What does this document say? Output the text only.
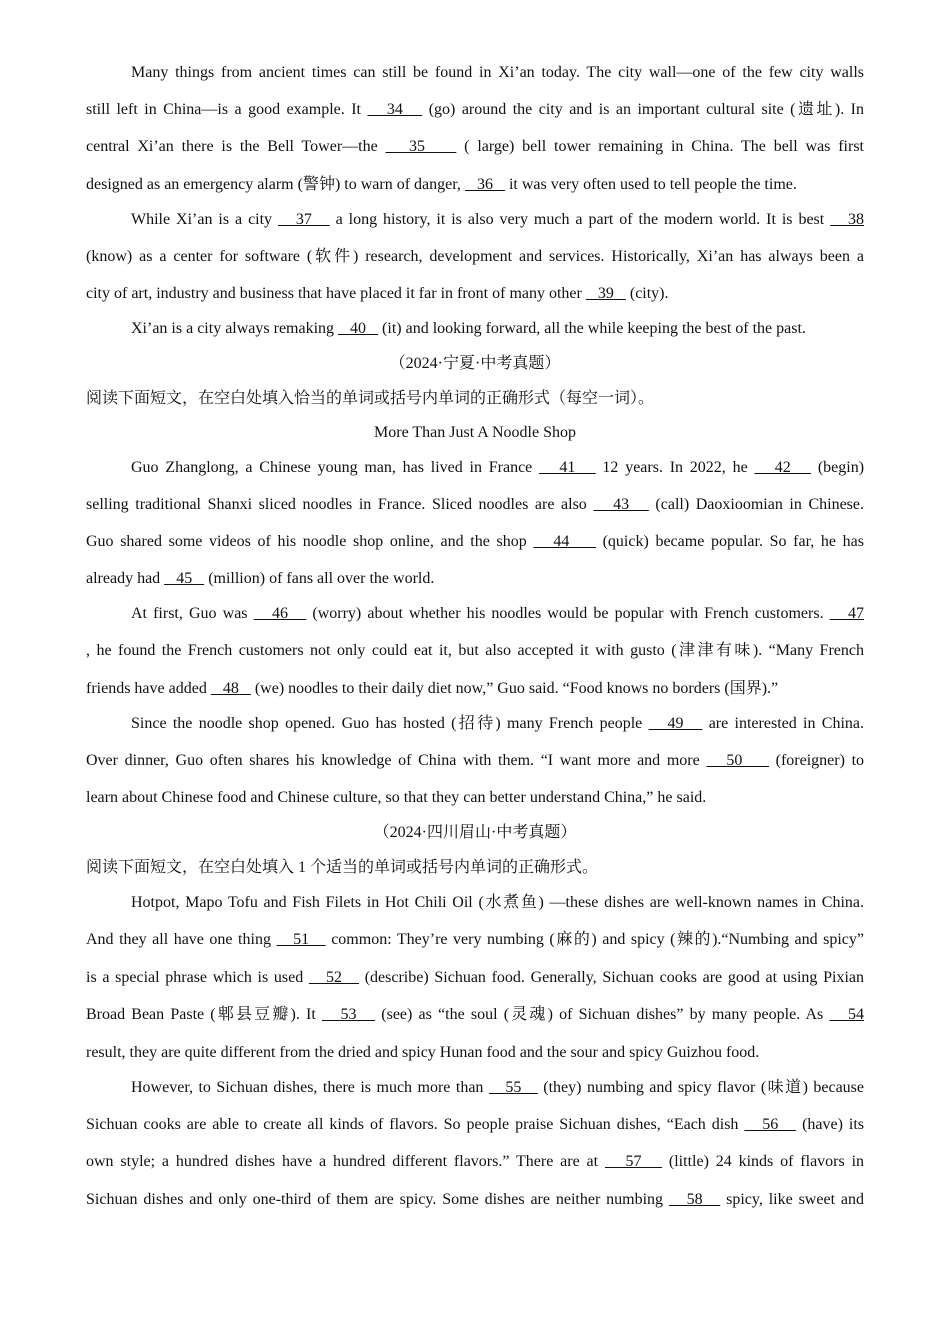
Many things from ancient times can still be found in Xi’an today. The city wall—one of the few city walls
still left in China—is a good example. It    34    (go) around the city and is an important cultural site (遗址). In
central Xi’an there is the Bell Tower—the    35     ( large) bell tower remaining in China. The bell was first
designed as an emergency alarm (警钟) to warn of danger,    36    it was very often used to tell people the time.
While Xi’an is a city    37    a long history, it is also very much a part of the modern world. It is best    38
(know) as a center for software (软件) research, development and services. Historically, Xi’an has always been a
city of art, industry and business that have placed it far in front of many other    39    (city).
Xi’an is a city always remaking    40    (it) and looking forward, all the while keeping the best of the past.
（2024·宁夏·中考真题）
阅读下面短文，在空白处填入恰当的单词或括号内单词的正确形式（每空一词）。
More Than Just A Noodle Shop
Guo Zhanglong, a Chinese young man, has lived in France    41    12 years. In 2022, he    42    (begin)
selling traditional Shanxi sliced noodles in France. Sliced noodles are also    43    (call) Daoxioomian in Chinese.
Guo shared some videos of his noodle shop online, and the shop    44     (quick) became popular. So far, he has
already had    45    (million) of fans all over the world.
At first, Guo was    46    (worry) about whether his noodles would be popular with French customers.    47
, he found the French customers not only could eat it, but also accepted it with gusto (津津有味). “Many French
friends have added    48    (we) noodles to their daily diet now,” Guo said. “Food knows no borders (国界).”
Since the noodle shop opened. Guo has hosted (招待) many French people    49    are interested in China.
Over dinner, Guo often shares his knowledge of China with them. “I want more and more    50     (foreigner) to
learn about Chinese food and Chinese culture, so that they can better understand China,” he said.
（2024·四川眉山·中考真题）
阅读下面短文，在空白处填入 1 个适当的单词或括号内单词的正确形式。
Hotpot, Mapo Tofu and Fish Filets in Hot Chili Oil (水煮鱼) —these dishes are well-known names in China.
And they all have one thing    51    common: They’re very numbing (麻的) and spicy (辣的).“Numbing and spicy”
is a special phrase which is used    52    (describe) Sichuan food. Generally, Sichuan cooks are good at using Pixian
Broad Bean Paste (郫县豆瓣). It    53    (see) as “the soul (灵魂) of Sichuan dishes” by many people. As    54
result, they are quite different from the dried and spicy Hunan food and the sour and spicy Guizhou food.
However, to Sichuan dishes, there is much more than    55    (they) numbing and spicy flavor (味道) because
Sichuan cooks are able to create all kinds of flavors. So people praise Sichuan dishes, “Each dish    56    (have) its
own style; a hundred dishes have a hundred different flavors.” There are at    57    (little) 24 kinds of flavors in
Sichuan dishes and only one-third of them are spicy. Some dishes are neither numbing    58    spicy, like sweet and
